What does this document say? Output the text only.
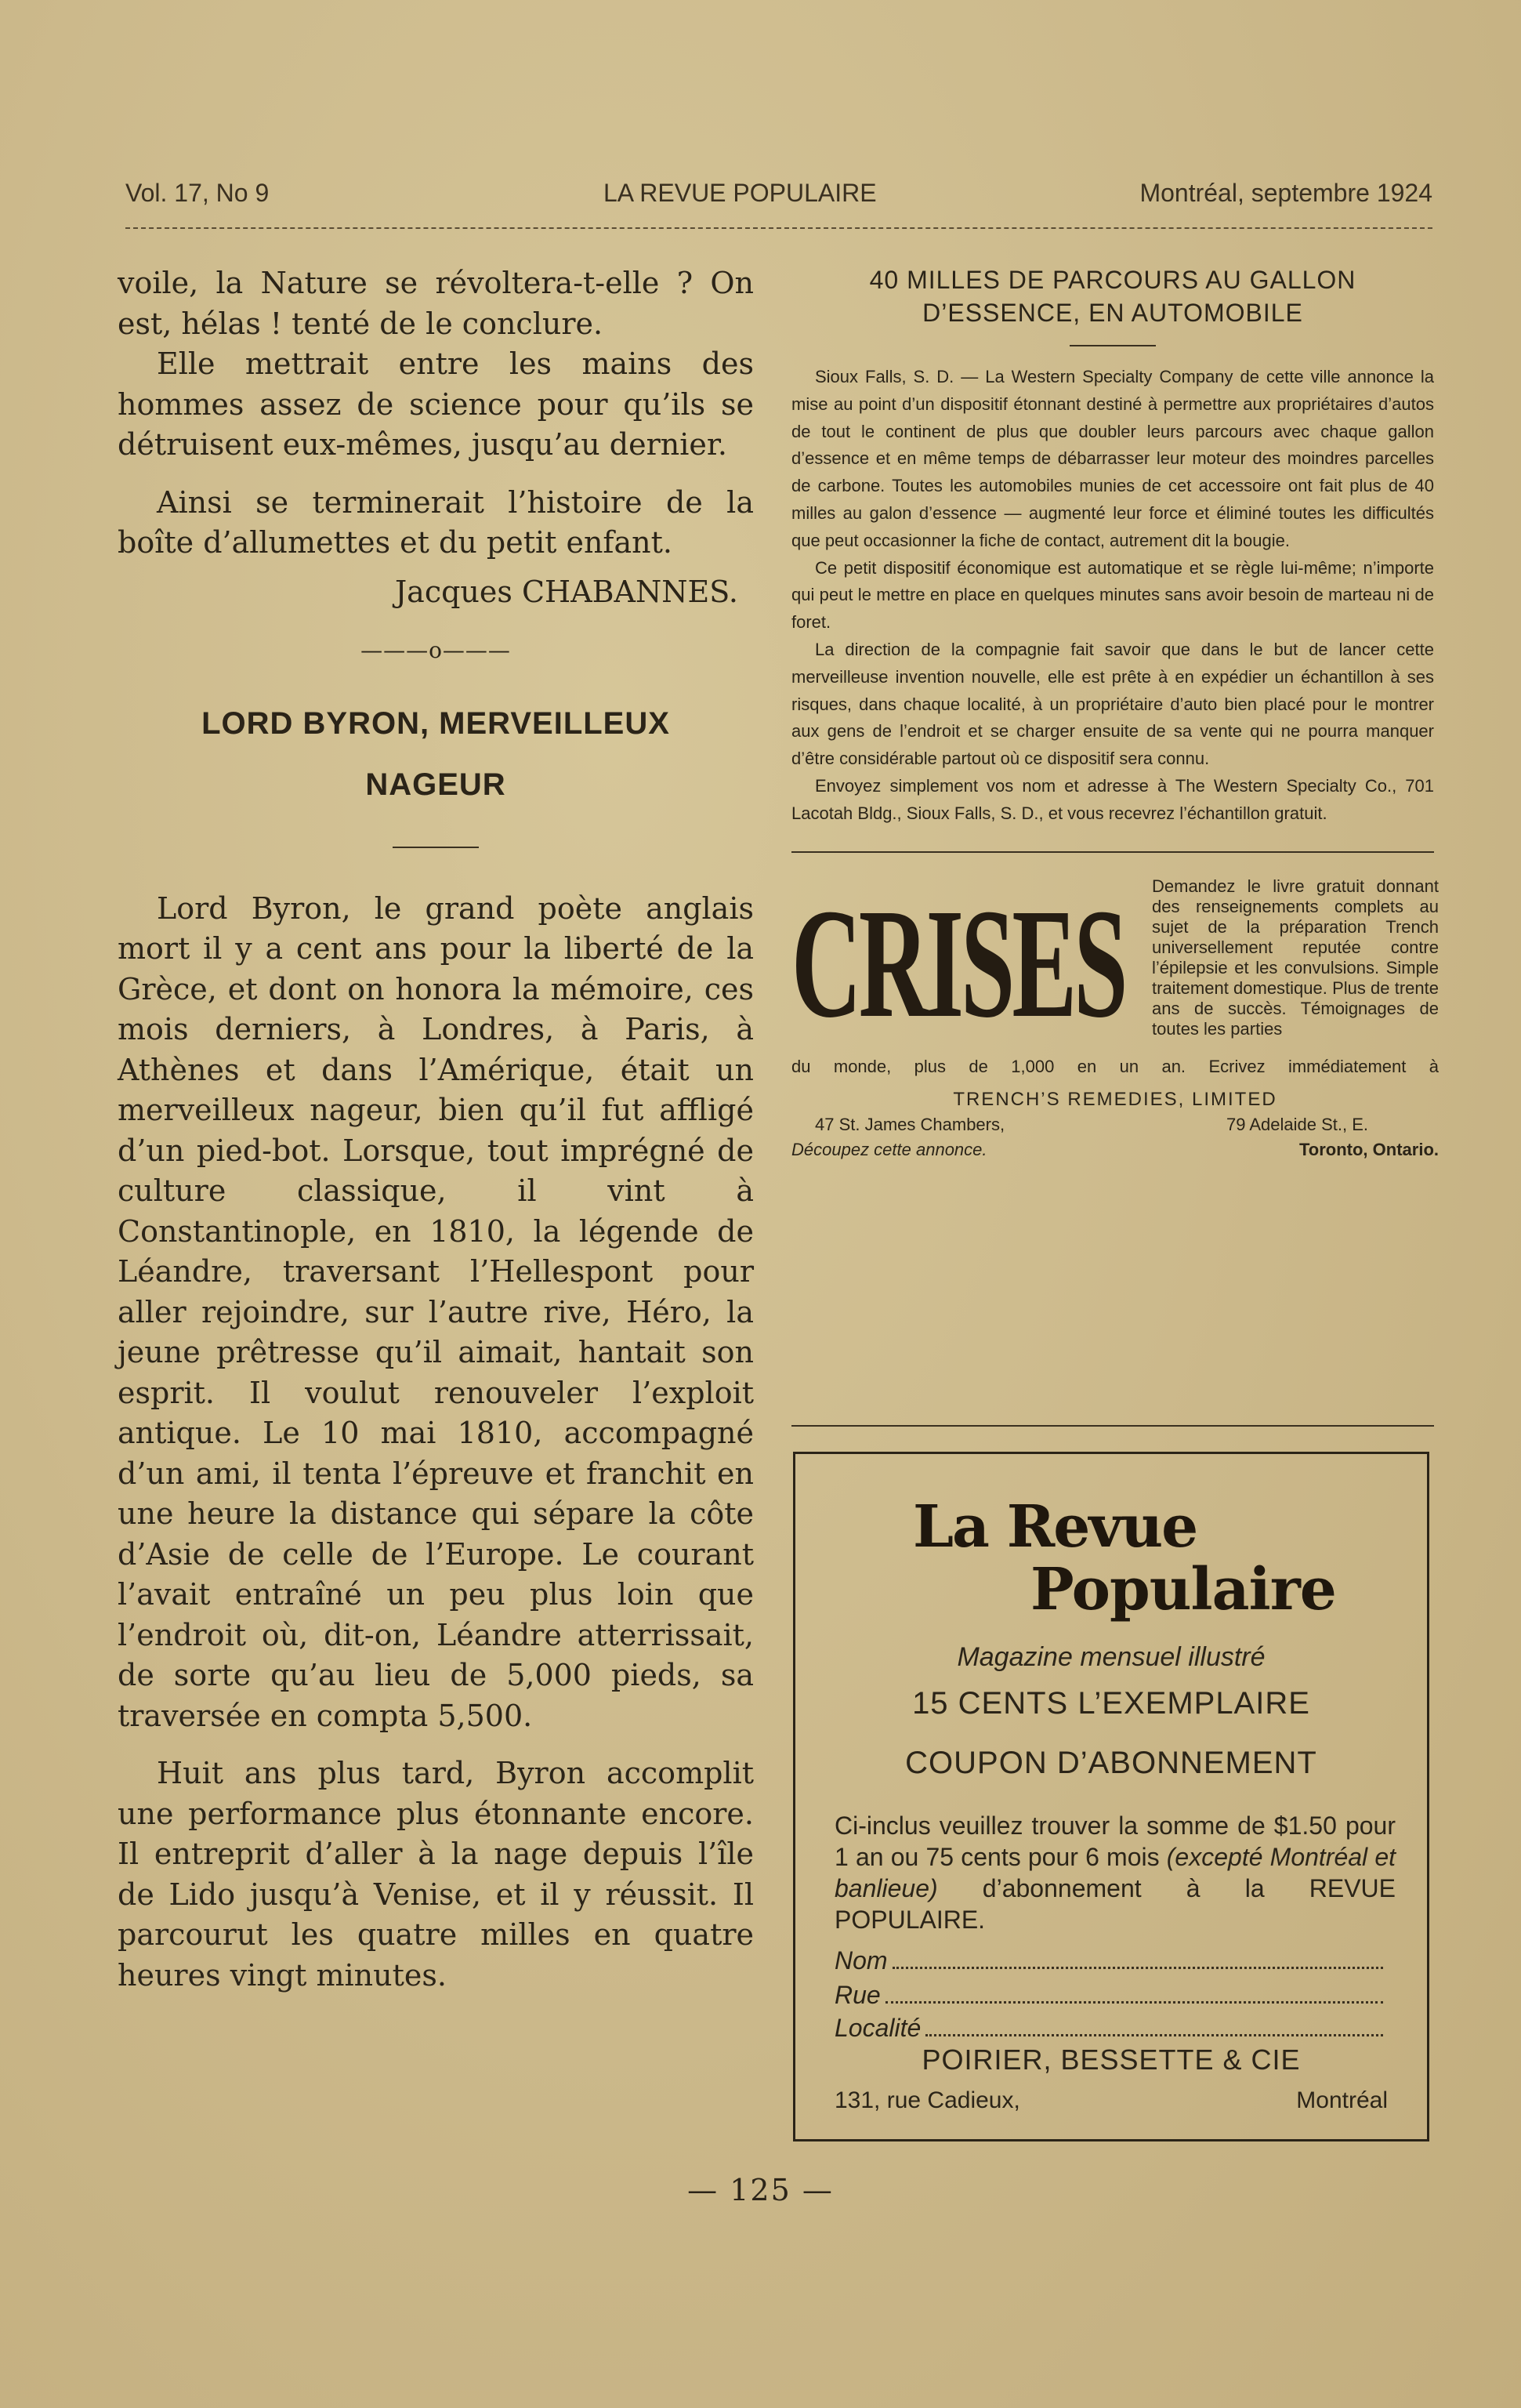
Vol. 17, No 9	LA REVUE POPULAIRE	Montréal, septembre 1924

voile, la Nature se révoltera-t-elle ? On est, hélas ! tenté de le conclure.

Elle mettrait entre les mains des hommes assez de science pour qu’ils se détruisent eux-mêmes, jusqu’au dernier.

Ainsi se terminerait l’histoire de la boîte d’allumettes et du petit enfant.

Jacques CHABANNES.
———o———
LORD BYRON, MERVEILLEUX NAGEUR

Lord Byron, le grand poète anglais mort il y a cent ans pour la liberté de la Grèce, et dont on honora la mémoire, ces mois derniers, à Londres, à Paris, à Athènes et dans l’Amérique, était un merveilleux nageur, bien qu’il fut affligé d’un pied-bot. Lorsque, tout imprégné de culture classique, il vint à Constantinople, en 1810, la légende de Léandre, traversant l’Hellespont pour aller rejoindre, sur l’autre rive, Héro, la jeune prêtresse qu’il aimait, hantait son esprit. Il voulut renouveler l’exploit antique. Le 10 mai 1810, accompagné d’un ami, il tenta l’épreuve et franchit en une heure la distance qui sépare la côte d’Asie de celle de l’Europe. Le courant l’avait entraîné un peu plus loin que l’endroit où, dit-on, Léandre atterrissait, de sorte qu’au lieu de 5,000 pieds, sa traversée en compta 5,500.

Huit ans plus tard, Byron accomplit une performance plus étonnante encore. Il entreprit d’aller à la nage depuis l’île de Lido jusqu’à Venise, et il y réussit. Il parcourut les quatre milles en quatre heures vingt minutes.

40 MILLES DE PARCOURS AU GALLON D’ESSENCE, EN AUTOMOBILE

Sioux Falls, S. D. — La Western Specialty Company de cette ville annonce la mise au point d’un dispositif étonnant destiné à permettre aux propriétaires d’autos de tout le continent de plus que doubler leurs parcours avec chaque gallon d’essence et en même temps de débarrasser leur moteur des moindres parcelles de carbone. Toutes les automobiles munies de cet accessoire ont fait plus de 40 milles au galon d’essence — augmenté leur force et éliminé toutes les difficultés que peut occasionner la fiche de contact, autrement dit la bougie.

Ce petit dispositif économique est automatique et se règle lui-même; n’importe qui peut le mettre en place en quelques minutes sans avoir besoin de marteau ni de foret.

La direction de la compagnie fait savoir que dans le but de lancer cette merveilleuse invention nouvelle, elle est prête à en expédier un échantillon à ses risques, dans chaque localité, à un propriétaire d’auto bien placé pour le montrer aux gens de l’endroit et se charger ensuite de sa vente qui ne pourra manquer d’être considérable partout où ce dispositif sera connu.

Envoyez simplement vos nom et adresse à The Western Specialty Co., 701 Lacotah Bldg., Sioux Falls, S. D., et vous recevrez l’échantillon gratuit.

CRISES Demandez le livre gratuit donnant des renseignements complets au sujet de la préparation Trench universellement reputée contre l’épilepsie et les convulsions. Simple traitement domestique. Plus de trente ans de succès. Témoignages de toutes les parties
du monde, plus de 1,000 en un an. Ecrivez immédiatement à
TRENCH’S REMEDIES, LIMITED
47 St. James Chambers,	79 Adelaide St., E.
Découpez cette annonce.	Toronto, Ontario.
La Revue
Populaire
Magazine mensuel illustré
15 CENTS L’EXEMPLAIRE
COUPON D’ABONNEMENT
Ci-inclus veuillez trouver la somme de $1.50 pour 1 an ou 75 cents pour 6 mois (excepté Montréal et banlieue) d’abonnement à la REVUE POPULAIRE.
Nom
Rue
Localité
POIRIER, BESSETTE & CIE
131, rue Cadieux,	Montréal
— 125 —
